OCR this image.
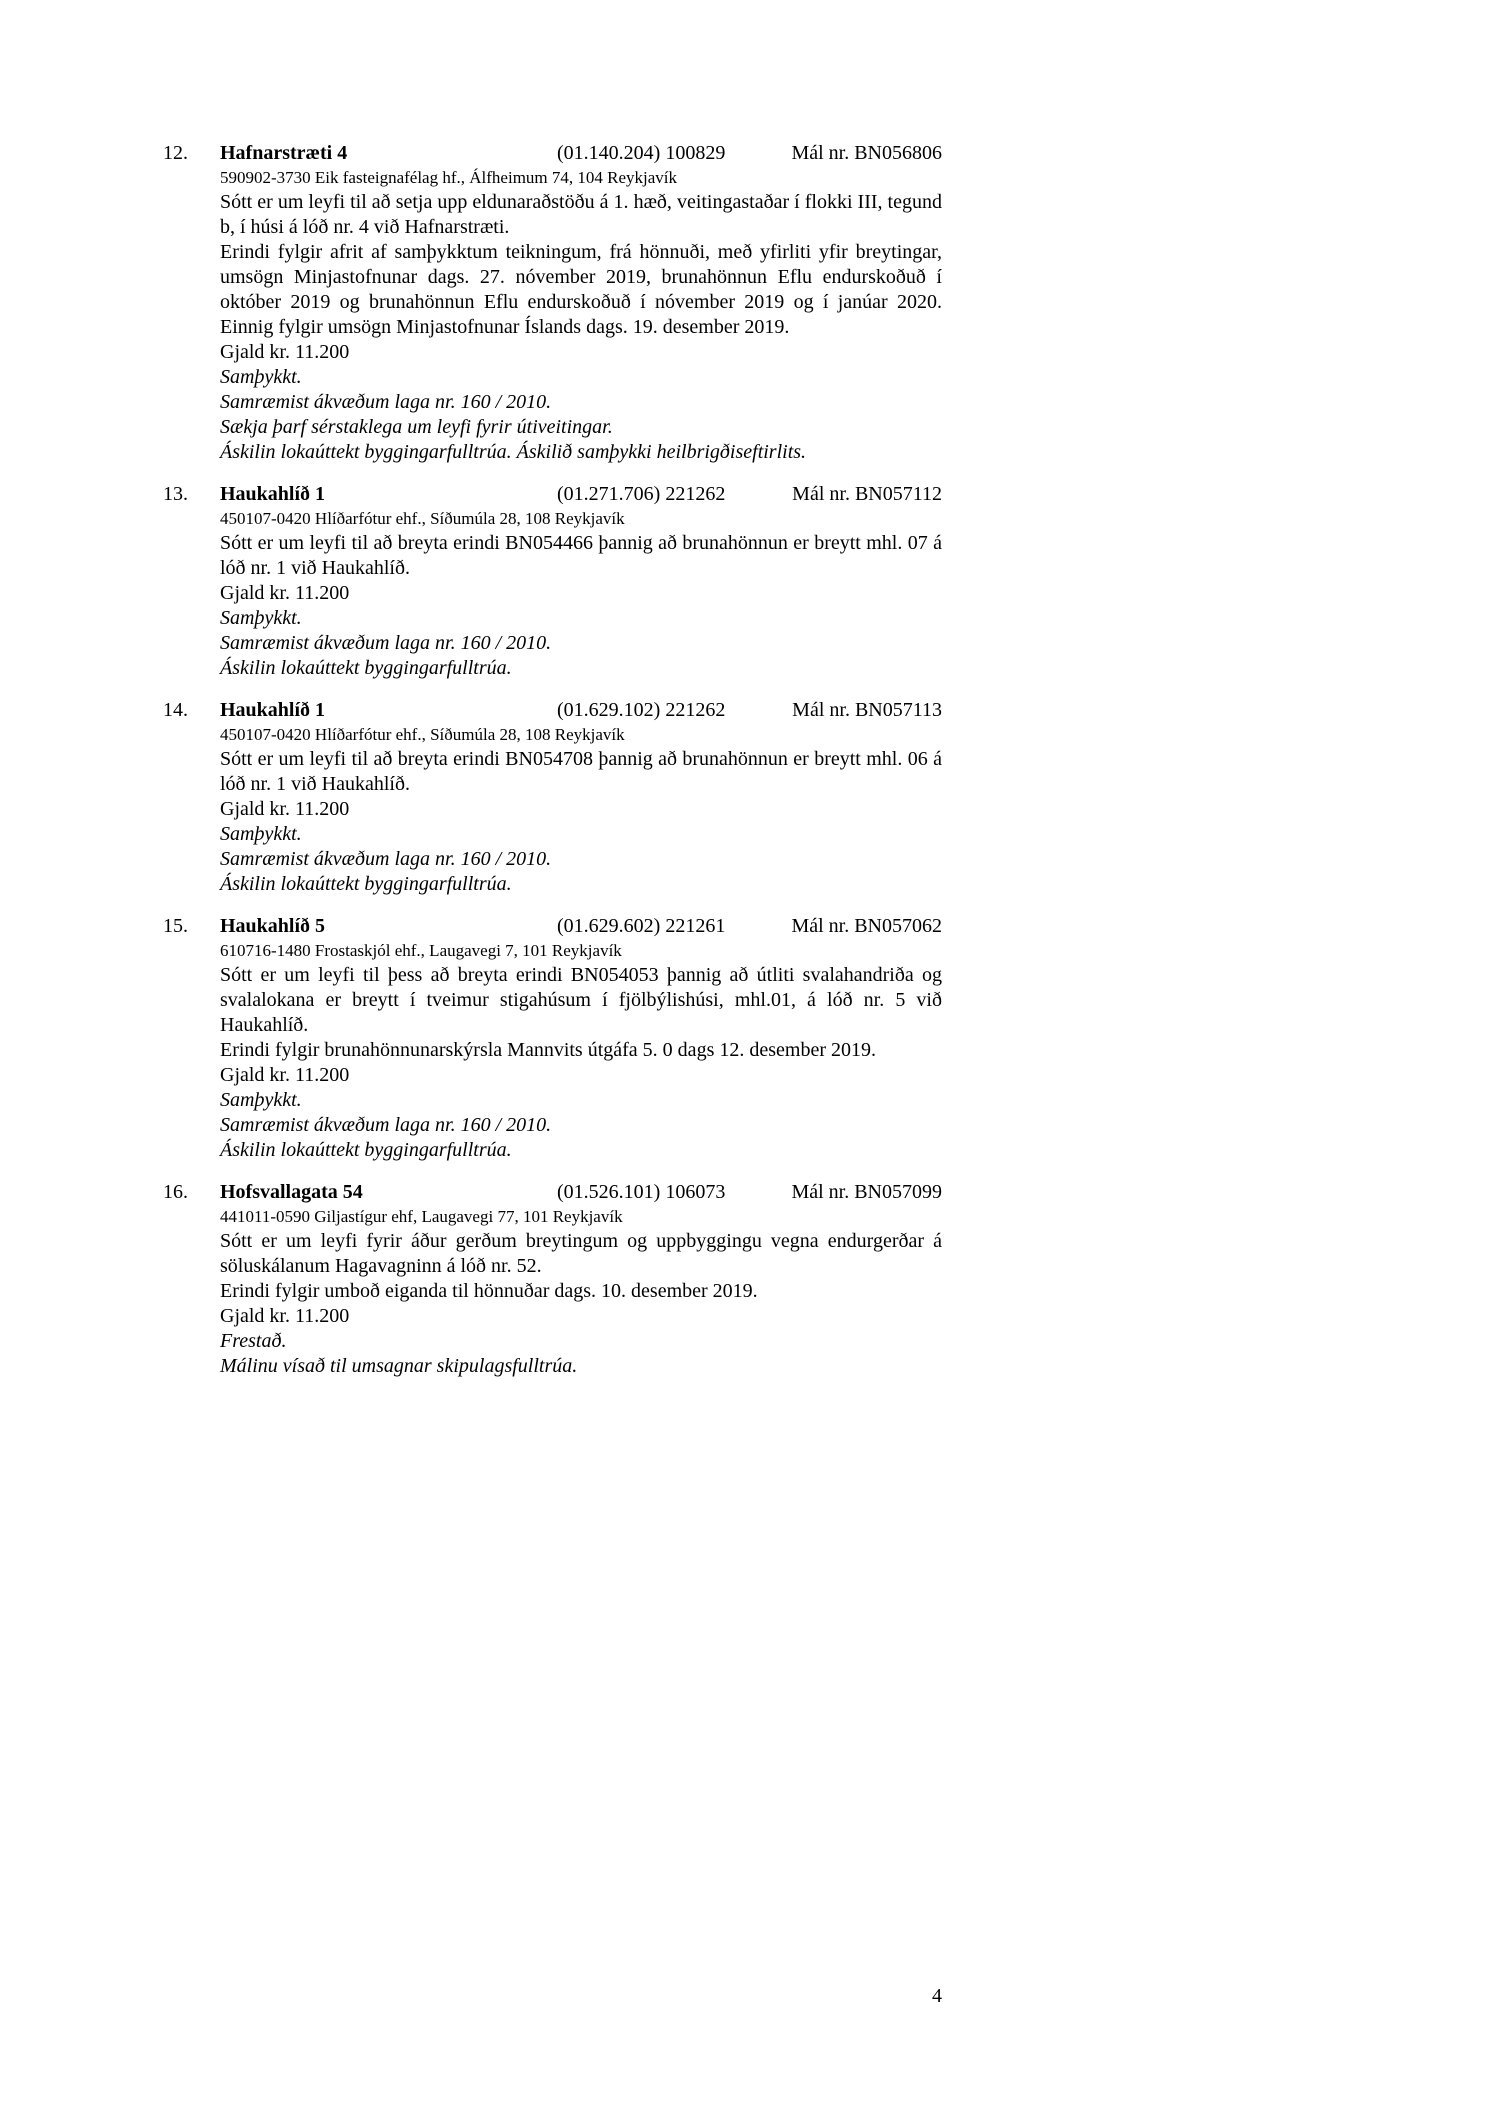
12. Hafnarstræti 4	(01.140.204) 100829	Mál nr. BN056806

590902-3730 Eik fasteignafélag hf., Álfheimum 74, 104 Reykjavík

Sótt er um leyfi til að setja upp eldunaraðstöðu á 1. hæð, veitingastaðar í flokki III, tegund b, í húsi á lóð nr. 4 við Hafnarstræti.

Erindi fylgir afrit af samþykktum teikningum, frá hönnuði, með yfirliti yfir breytingar, umsögn Minjastofnunar dags. 27. nóvember 2019, brunahönnun Eflu endurskoðuð í október 2019 og brunahönnun Eflu endurskoðuð í nóvember 2019 og í janúar 2020. Einnig fylgir umsögn Minjastofnunar Íslands dags. 19. desember 2019.

Gjald kr. 11.200

Samþykkt.

Samræmist ákvæðum laga nr. 160 / 2010.

Sækja þarf sérstaklega um leyfi fyrir útiveitingar.

Áskilin lokaúttekt byggingarfulltrúa. Áskilið samþykki heilbrigðiseftirlits.

13. Haukahlíð 1	(01.271.706) 221262	Mál nr. BN057112

450107-0420 Hlíðarfótur ehf., Síðumúla 28, 108 Reykjavík

Sótt er um leyfi til að breyta erindi BN054466 þannig að brunahönnun er breytt mhl. 07 á lóð nr. 1 við Haukahlíð.

Gjald kr. 11.200

Samþykkt.

Samræmist ákvæðum laga nr. 160 / 2010.

Áskilin lokaúttekt byggingarfulltrúa.

14. Haukahlíð 1	(01.629.102) 221262	Mál nr. BN057113

450107-0420 Hlíðarfótur ehf., Síðumúla 28, 108 Reykjavík

Sótt er um leyfi til að breyta erindi BN054708 þannig að brunahönnun er breytt mhl. 06 á lóð nr. 1 við Haukahlíð.

Gjald kr. 11.200

Samþykkt.

Samræmist ákvæðum laga nr. 160 / 2010.

Áskilin lokaúttekt byggingarfulltrúa.

15. Haukahlíð 5	(01.629.602) 221261	Mál nr. BN057062

610716-1480 Frostaskjól ehf., Laugavegi 7, 101 Reykjavík

Sótt er um leyfi til þess að breyta erindi BN054053 þannig að útliti svalahandriða og svalalokana er breytt í tveimur stigahúsum í fjölbýlishúsi, mhl.01, á lóð nr. 5 við Haukahlíð.

Erindi fylgir brunahönnunarskýrsla Mannvits útgáfa 5. 0 dags 12. desember 2019.

Gjald kr. 11.200

Samþykkt.

Samræmist ákvæðum laga nr. 160 / 2010.

Áskilin lokaúttekt byggingarfulltrúa.

16. Hofsvallagata 54	(01.526.101) 106073	Mál nr. BN057099

441011-0590 Giljastígur ehf, Laugavegi 77, 101 Reykjavík

Sótt er um leyfi fyrir áður gerðum breytingum og uppbyggingu vegna endurgerðar á söluskálanum Hagavagninn á lóð nr. 52.

Erindi fylgir umboð eiganda til hönnuðar dags. 10. desember 2019.

Gjald kr. 11.200

Frestað.

Málinu vísað til umsagnar skipulagsfulltrúa.

4
